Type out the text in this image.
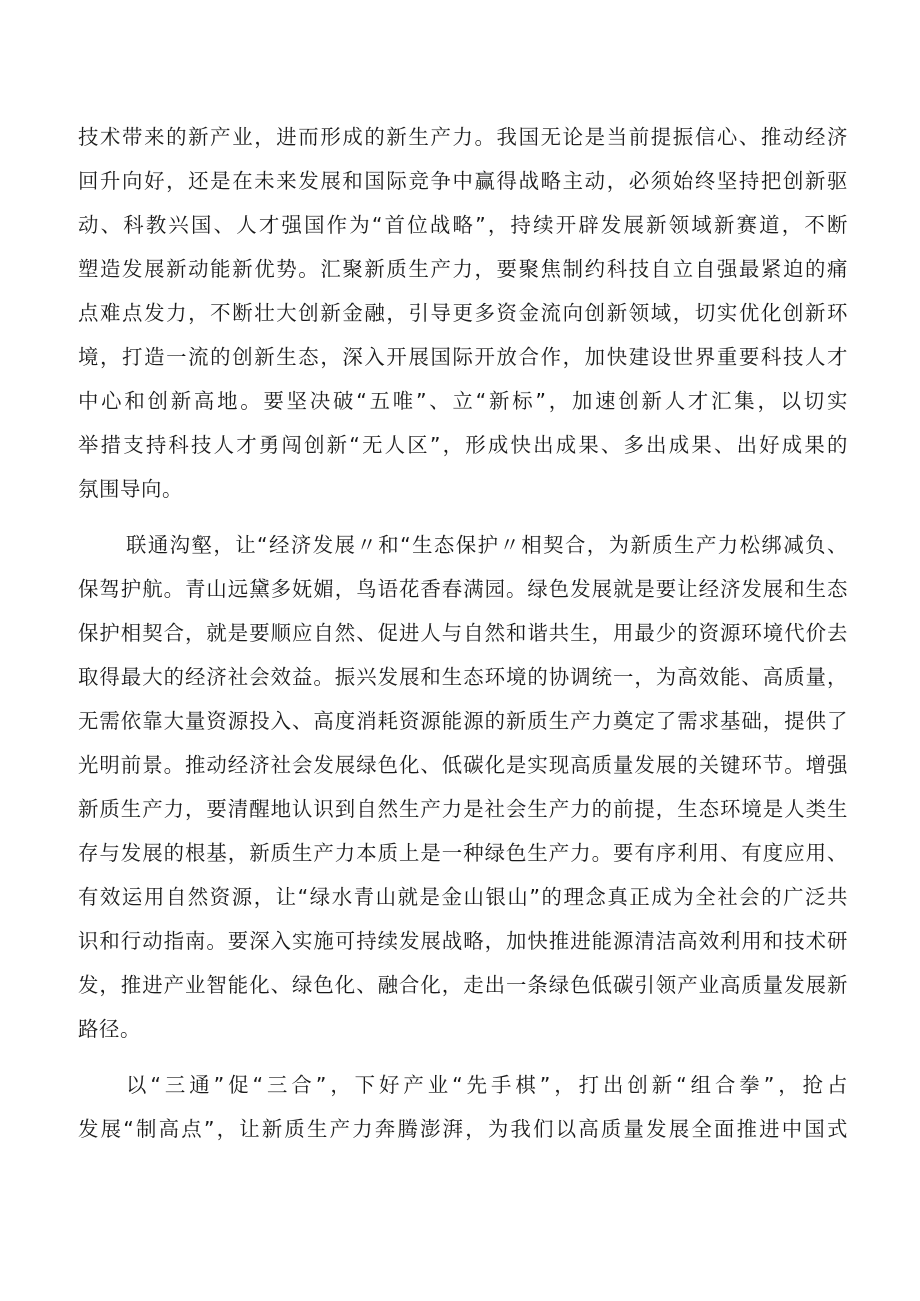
技术带来的新产业，进而形成的新生产力。我国无论是当前提振信心、推动经济
回升向好，还是在未来发展和国际竞争中赢得战略主动，必须始终坚持把创新驱
动、科教兴国、人才强国作为“首位战略”，持续开辟发展新领域新赛道，不断
塑造发展新动能新优势。汇聚新质生产力，要聚焦制约科技自立自强最紧迫的痛
点难点发力，不断壮大创新金融，引导更多资金流向创新领域，切实优化创新环
境，打造一流的创新生态，深入开展国际开放合作，加快建设世界重要科技人才
中心和创新高地。要坚决破“五唯”、立“新标”，加速创新人才汇集，以切实
举措支持科技人才勇闯创新“无人区”，形成快出成果、多出成果、出好成果的
氛围导向。
联通沟壑，让“经济发展〃和“生态保护〃相契合，为新质生产力松绑减负、
保驾护航。青山远黛多妩媚，鸟语花香春满园。绿色发展就是要让经济发展和生态
保护相契合，就是要顺应自然、促进人与自然和谐共生，用最少的资源环境代价去
取得最大的经济社会效益。振兴发展和生态环境的协调统一，为高效能、高质量，
无需依靠大量资源投入、高度消耗资源能源的新质生产力奠定了需求基础，提供了
光明前景。推动经济社会发展绿色化、低碳化是实现高质量发展的关键环节。增强
新质生产力，要清醒地认识到自然生产力是社会生产力的前提，生态环境是人类生
存与发展的根基，新质生产力本质上是一种绿色生产力。要有序利用、有度应用、
有效运用自然资源，让“绿水青山就是金山银山”的理念真正成为全社会的广泛共
识和行动指南。要深入实施可持续发展战略，加快推进能源清洁高效利用和技术研
发，推进产业智能化、绿色化、融合化，走出一条绿色低碳引领产业高质量发展新
路径。
以“三通”促“三合”，下好产业“先手棋”，打出创新“组合拳”，抢占
发展“制高点”，让新质生产力奔腾澎湃，为我们以高质量发展全面推进中国式
